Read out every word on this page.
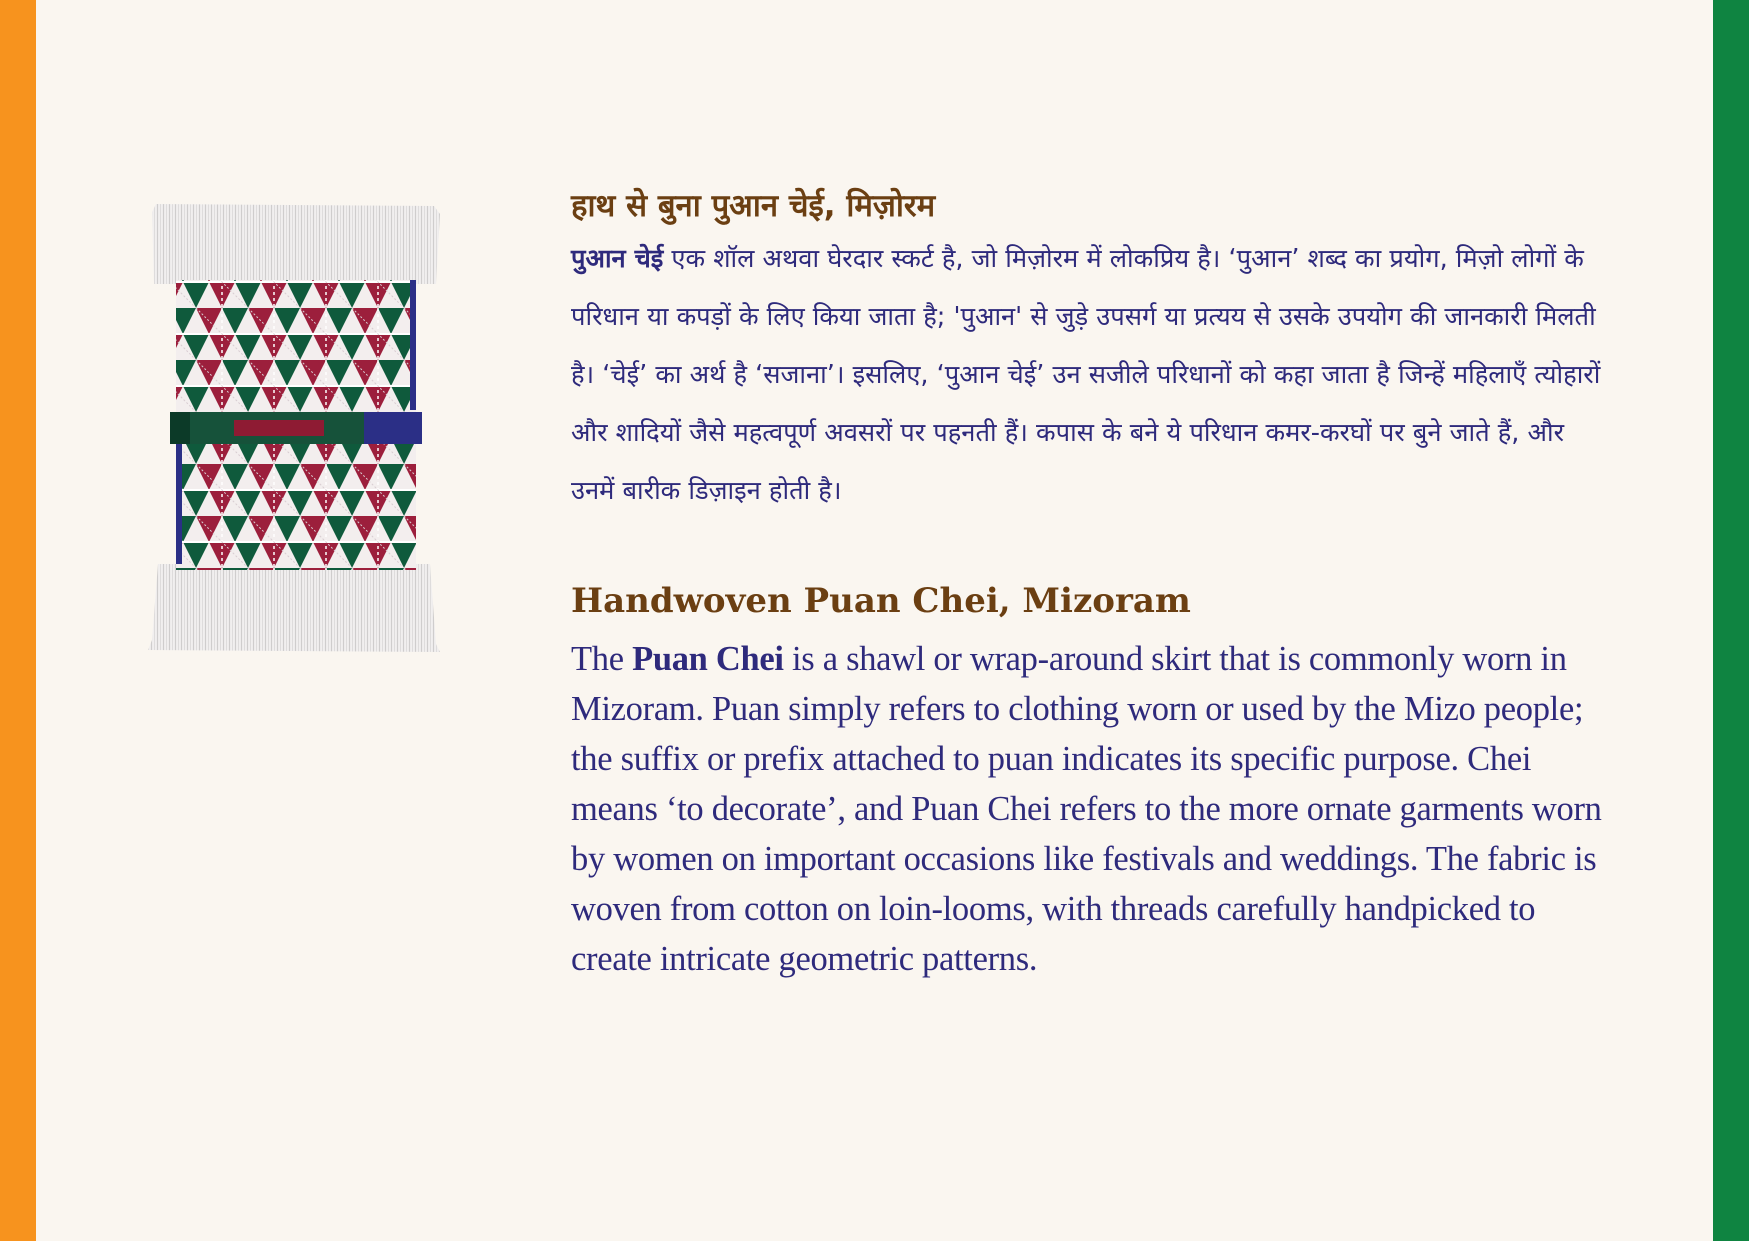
हाथ से बुना पुआन चेई, मिज़ोरम

पुआन चेई एक शॉल अथवा घेरदार स्कर्ट है, जो मिज़ोरम में लोकप्रिय है। ‘पुआन’ शब्द का प्रयोग, मिज़ो लोगों के परिधान या कपड़ों के लिए किया जाता है; 'पुआन' से जुड़े उपसर्ग या प्रत्यय से उसके उपयोग की जानकारी मिलती है। ‘चेई’ का अर्थ है ‘सजाना’। इसलिए, ‘पुआन चेई’ उन सजीले परिधानों को कहा जाता है जिन्हें महिलाएँ त्योहारों और शादियों जैसे महत्वपूर्ण अवसरों पर पहनती हैं। कपास के बने ये परिधान कमर-करघों पर बुने जाते हैं, और उनमें बारीक डिज़ाइन होती है।

Handwoven Puan Chei, Mizoram

The Puan Chei is a shawl or wrap-around skirt that is commonly worn in Mizoram. Puan simply refers to clothing worn or used by the Mizo people; the suffix or prefix attached to puan indicates its specific purpose. Chei means ‘to decorate’, and Puan Chei refers to the more ornate garments worn by women on important occasions like festivals and weddings. The fabric is woven from cotton on loin-looms, with threads carefully handpicked to create intricate geometric patterns.
